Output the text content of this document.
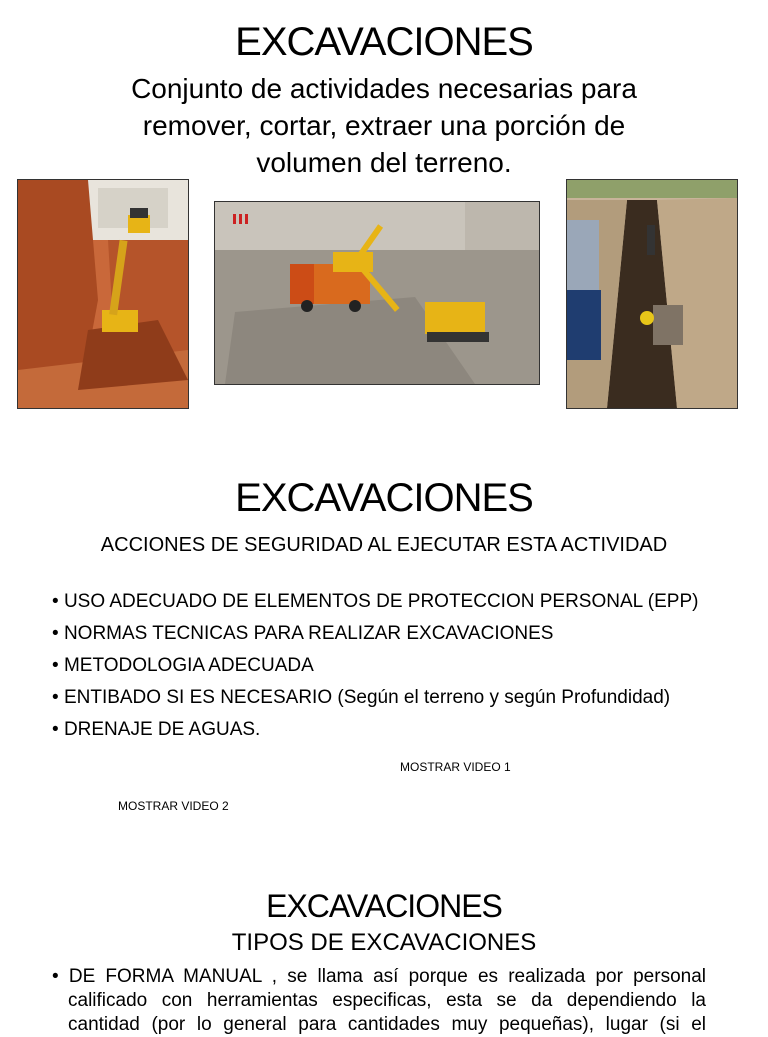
EXCAVACIONES
Conjunto de actividades necesarias para remover, cortar, extraer una porción de volumen del terreno.
EXCAVACIONES
ACCIONES DE SEGURIDAD AL EJECUTAR ESTA ACTIVIDAD
• USO ADECUADO DE ELEMENTOS DE PROTECCION PERSONAL (EPP)
• NORMAS TECNICAS PARA REALIZAR EXCAVACIONES
• METODOLOGIA ADECUADA
• ENTIBADO SI ES NECESARIO (Según el terreno y según Profundidad)
• DRENAJE DE AGUAS.
MOSTRAR VIDEO 1
MOSTRAR VIDEO 2
EXCAVACIONES
TIPOS DE EXCAVACIONES
• DE FORMA MANUAL , se llama así porque es realizada por personal
calificado con herramientas especificas, esta se da dependiendo la
cantidad (por lo general para cantidades muy pequeñas), lugar (si el
